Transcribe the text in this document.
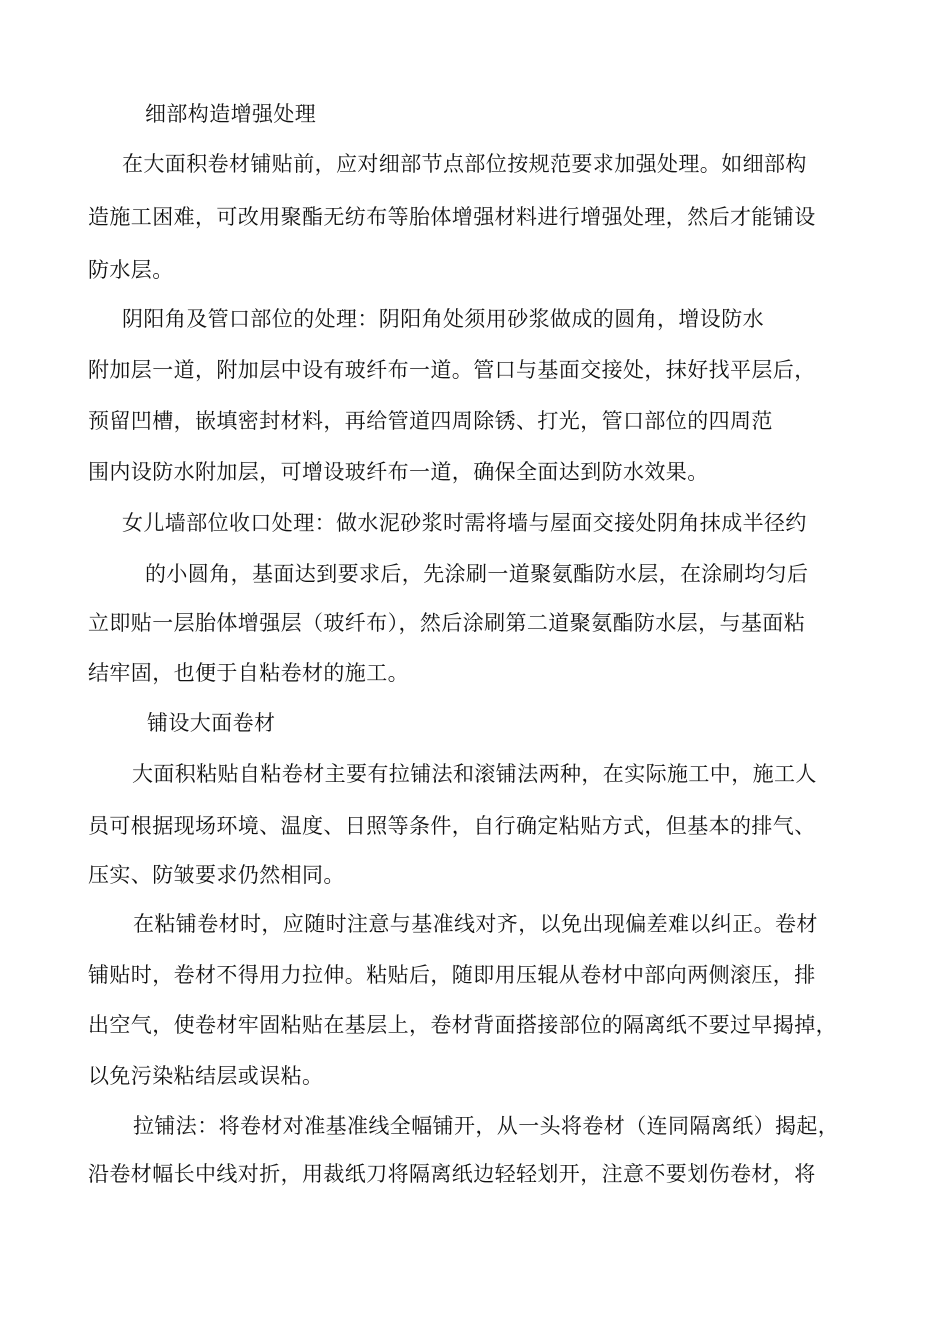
细部构造增强处理
在大面积卷材铺贴前，应对细部节点部位按规范要求加强处理。如细部构
造施工困难，可改用聚酯无纺布等胎体增强材料进行增强处理，然后才能铺设
防水层。
阴阳角及管口部位的处理：阴阳角处须用砂浆做成的圆角，增设防水
附加层一道，附加层中设有玻纤布一道。管口与基面交接处，抹好找平层后，
预留凹槽，嵌填密封材料，再给管道四周除锈、打光，管口部位的四周范
围内设防水附加层，可增设玻纤布一道，确保全面达到防水效果。
女儿墙部位收口处理：做水泥砂浆时需将墙与屋面交接处阴角抹成半径约
的小圆角，基面达到要求后，先涂刷一道聚氨酯防水层，在涂刷均匀后
立即贴一层胎体增强层（玻纤布），然后涂刷第二道聚氨酯防水层，与基面粘
结牢固，也便于自粘卷材的施工。
铺设大面卷材
大面积粘贴自粘卷材主要有拉铺法和滚铺法两种，在实际施工中，施工人
员可根据现场环境、温度、日照等条件，自行确定粘贴方式，但基本的排气、
压实、防皱要求仍然相同。
在粘铺卷材时，应随时注意与基准线对齐，以免出现偏差难以纠正。卷材
铺贴时，卷材不得用力拉伸。粘贴后，随即用压辊从卷材中部向两侧滚压，排
出空气，使卷材牢固粘贴在基层上，卷材背面搭接部位的隔离纸不要过早揭掉，
以免污染粘结层或误粘。
拉铺法：将卷材对准基准线全幅铺开，从一头将卷材（连同隔离纸）揭起，
沿卷材幅长中线对折，用裁纸刀将隔离纸边轻轻划开，注意不要划伤卷材，将
